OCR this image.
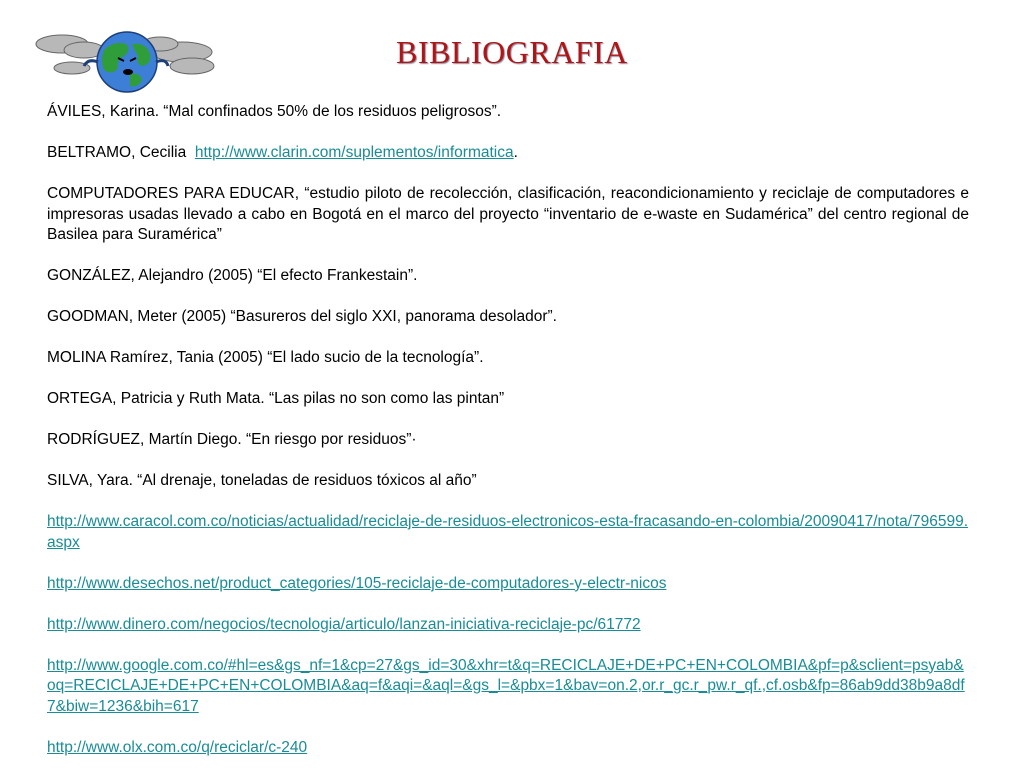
BIBLIOGRAFIA

ÁVILES, Karina. “Mal confinados 50% de los residuos peligrosos”.

BELTRAMO, Cecilia http://www.clarin.com/suplementos/informatica.

COMPUTADORES PARA EDUCAR, “estudio piloto de recolección, clasificación, reacondicionamiento y reciclaje de computadores e impresoras usadas llevado a cabo en Bogotá en el marco del proyecto “inventario de e-waste en Sudamérica” del centro regional de Basilea para Suramérica”

GONZÁLEZ, Alejandro (2005) “El efecto Frankestain”.

GOODMAN, Meter (2005) “Basureros del siglo XXI, panorama desolador”.

MOLINA Ramírez, Tania (2005) “El lado sucio de la tecnología”.

ORTEGA, Patricia y Ruth Mata. “Las pilas no son como las pintan”

RODRÍGUEZ, Martín Diego. “En riesgo por residuos”·

SILVA, Yara. “Al drenaje, toneladas de residuos tóxicos al año”

http://www.caracol.com.co/noticias/actualidad/reciclaje-de-residuos-electronicos-esta-fracasando-en-colombia/20090417/nota/796599.aspx

http://www.desechos.net/product_categories/105-reciclaje-de-computadores-y-electr-nicos

http://www.dinero.com/negocios/tecnologia/articulo/lanzan-iniciativa-reciclaje-pc/61772

http://www.google.com.co/#hl=es&gs_nf=1&cp=27&gs_id=30&xhr=t&q=RECICLAJE+DE+PC+EN+COLOMBIA&pf=p&sclient=psyab&oq=RECICLAJE+DE+PC+EN+COLOMBIA&aq=f&aqi=&aql=&gs_l=&pbx=1&bav=on.2,or.r_gc.r_pw.r_qf.,cf.osb&fp=86ab9dd38b9a8df7&biw=1236&bih=617

http://www.olx.com.co/q/reciclar/c-240
